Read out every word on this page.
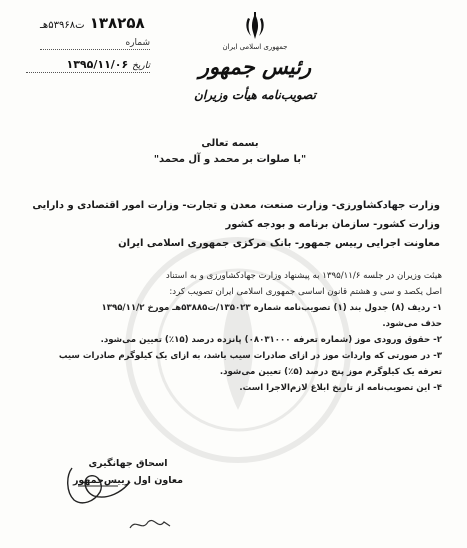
۱۳۸۲۵۸ ت۵۳۹۶۸هـ
شماره
تاریخ ۱۳۹۵/۱۱/۰۶
جمهوری اسلامی ایران
رئیس جمهور
تصویب‌نامه هیأت وزیران
بسمه تعالی
"با صلوات بر محمد و آل محمد"
وزارت جهادکشاورزی- وزارت صنعت، معدن و تجارت- وزارت امور اقتصادی و دارایی
وزارت کشور- سازمان برنامه و بودجه کشور
معاونت اجرایی رییس جمهور- بانک مرکزی جمهوری اسلامی ایران

هیئت وزیران در جلسه ۱۳۹۵/۱۱/۶ به پیشنهاد وزارت جهادکشاورزی و به استناد

اصل یکصد و سی و هشتم قانون اساسی جمهوری اسلامی ایران تصویب کرد:

۱- ردیف (۸) جدول بند (۱) تصویب‌نامه شماره ۱۳۵۰۲۳/ت۵۳۸۸۵هـ مورخ ۱۳۹۵/۱۱/۲

حذف می‌شود.

۲- حقوق ورودی موز (شماره تعرفه ۰۸۰۳۱۰۰۰) پانزده درصد (۱۵٪) تعیین می‌شود.

۳- در صورتی که واردات موز در ازای صادرات سیب باشد، به ازای یک کیلوگرم صادرات سیب

تعرفه یک کیلوگرم موز پنج درصد (۵٪) تعیین می‌شود.

۴- این تصویب‌نامه از تاریخ ابلاغ لازم‌الاجرا است.

اسحاق جهانگیری
معاون اول رییس‌جمهور
